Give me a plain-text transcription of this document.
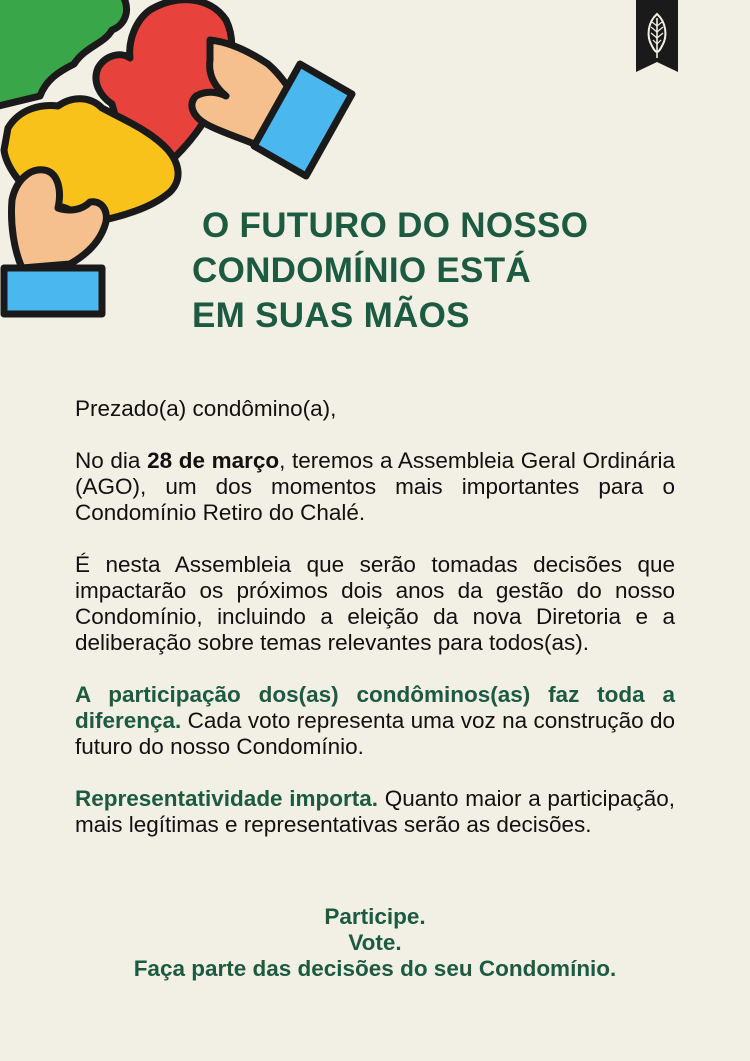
O FUTURO DO NOSSO
CONDOMÍNIO ESTÁ
EM SUAS MÃOS

Prezado(a) condômino(a),

No dia 28 de março, teremos a Assembleia Geral Ordinária (AGO), um dos momentos mais importantes para o Condomínio Retiro do Chalé.

É nesta Assembleia que serão tomadas decisões que impactarão os próximos dois anos da gestão do nosso Condomínio, incluindo a eleição da nova Diretoria e a deliberação sobre temas relevantes para todos(as).

A participação dos(as) condôminos(as) faz toda a diferença. Cada voto representa uma voz na construção do futuro do nosso Condomínio.

Representatividade importa. Quanto maior a participação, mais legítimas e representativas serão as decisões.

Participe.
Vote.
Faça parte das decisões do seu Condomínio.
